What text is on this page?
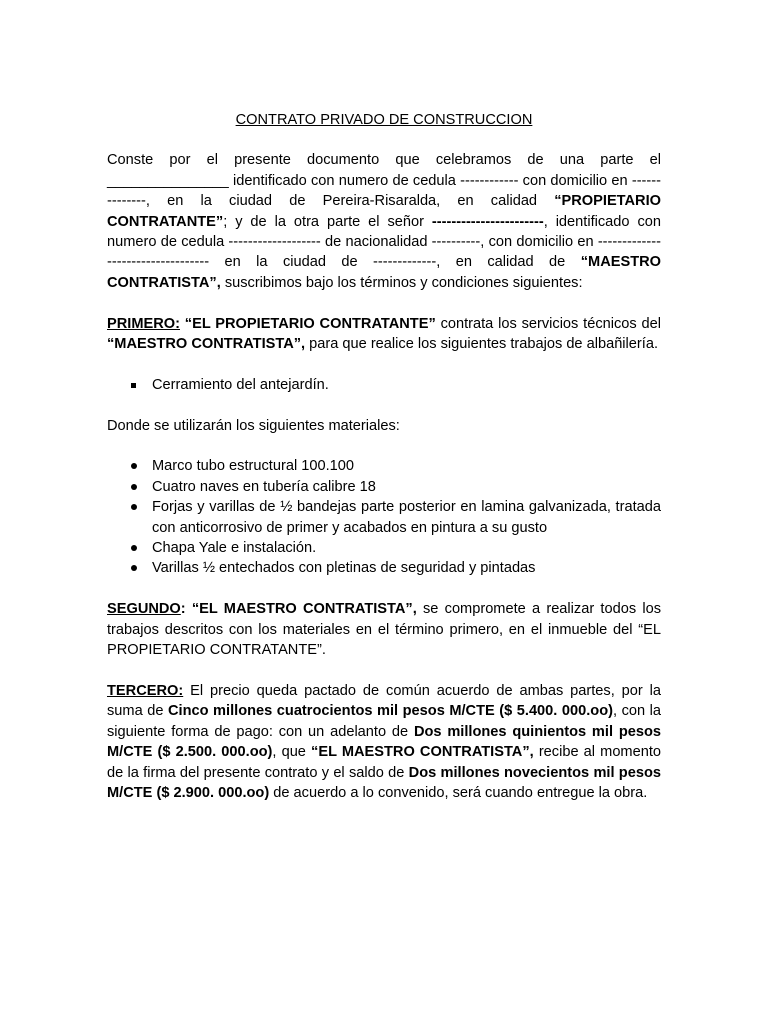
CONTRATO PRIVADO DE CONSTRUCCION

Conste por el presente documento que celebramos de una parte el _______________ identificado con numero de cedula ------------ con domicilio en --------------, en la ciudad de Pereira-Risaralda, en calidad “PROPIETARIO CONTRATANTE”; y de la otra parte el señor -----------------------, identificado con numero de cedula ------------------- de nacionalidad ----------, con domicilio en ---------------------------------- en la ciudad de -------------, en calidad de “MAESTRO CONTRATISTA”, suscribimos bajo los términos y condiciones siguientes:

PRIMERO: “EL PROPIETARIO CONTRATANTE” contrata los servicios técnicos del “MAESTRO CONTRATISTA”, para que realice los siguientes trabajos de albañilería.

Cerramiento del antejardín.

Donde se utilizarán los siguientes materiales:

Marco tubo estructural 100.100
Cuatro naves en tubería calibre 18
Forjas y varillas de ½ bandejas parte posterior en lamina galvanizada, tratada con anticorrosivo de primer y acabados en pintura a su gusto
Chapa Yale e instalación.
Varillas ½ entechados con pletinas de seguridad y pintadas

SEGUNDO: “EL MAESTRO CONTRATISTA”, se compromete a realizar todos los trabajos descritos con los materiales en el término primero, en el inmueble del “EL PROPIETARIO CONTRATANTE”.

TERCERO: El precio queda pactado de común acuerdo de ambas partes, por la suma de Cinco millones cuatrocientos mil pesos M/CTE ($ 5.400. 000.oo), con la siguiente forma de pago: con un adelanto de Dos millones quinientos mil pesos M/CTE ($ 2.500. 000.oo), que “EL MAESTRO CONTRATISTA”, recibe al momento de la firma del presente contrato y el saldo de Dos millones novecientos mil pesos M/CTE ($ 2.900. 000.oo) de acuerdo a lo convenido, será cuando entregue la obra.
